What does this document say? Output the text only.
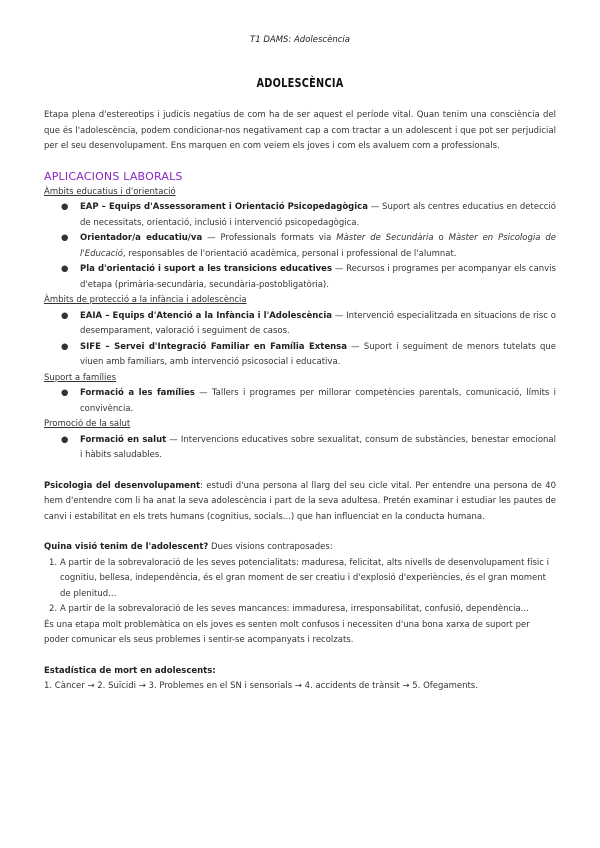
T1 DAMS: Adolescència
ADOLESCÈNCIA

Etapa plena d'estereotips i judicis negatius de com ha de ser aquest el període vital. Quan tenim una consciència del que és l'adolescència, podem condicionar-nos negativament cap a com tractar a un adolescent i que pot ser perjudicial per el seu desenvolupament. Ens marquen en com veiem els joves i com els avaluem com a professionals.

APLICACIONS LABORALS

Àmbits educatius i d'orientació

● EAP – Equips d'Assessorament i Orientació Psicopedagògica — Suport als centres educatius en detecció de necessitats, orientació, inclusió i intervenció psicopedagògica.
● Orientador/a educatiu/va — Professionals formats via Màster de Secundària o Màster en Psicologia de l'Educació, responsables de l'orientació acadèmica, personal i professional de l'alumnat.
● Pla d'orientació i suport a les transicions educatives — Recursos i programes per acompanyar els canvis d'etapa (primària-secundària, secundària-postobligatòria).

Àmbits de protecció a la infància i adolescència

● EAIA – Equips d'Atenció a la Infància i l'Adolescència — Intervenció especialitzada en situacions de risc o desemparament, valoració i seguiment de casos.
● SIFE – Servei d'Integració Familiar en Família Extensa — Suport i seguiment de menors tutelats que viuen amb familiars, amb intervenció psicosocial i educativa.

Suport a famílies

● Formació a les famílies — Tallers i programes per millorar competències parentals, comunicació, límits i convivència.

Promoció de la salut

● Formació en salut — Intervencions educatives sobre sexualitat, consum de substàncies, benestar emocional i hàbits saludables.

Psicologia del desenvolupament: estudi d'una persona al llarg del seu cicle vital. Per entendre una persona de 40 hem d'entendre com li ha anat la seva adolescència i part de la seva adultesa. Pretén examinar i estudiar les pautes de canvi i estabilitat en els trets humans (cognitius, socials...) que han influenciat en la conducta humana.

Quina visió tenim de l'adolescent? Dues visions contraposades:

1. A partir de la sobrevaloració de les seves potencialitats: maduresa, felicitat, alts nivells de desenvolupament físic i cognitiu, bellesa, independència, és el gran moment de ser creatiu i d'explosió d'experiències, és el gran moment de plenitud...
2. A partir de la sobrevaloració de les seves mancances: immaduresa, irresponsabilitat, confusió, dependència...

És una etapa molt problemàtica on els joves es senten molt confusos i necessiten d'una bona xarxa de suport per poder comunicar els seus problemes i sentir-se acompanyats i recolzats.

Estadística de mort en adolescents:

1. Càncer → 2. Suïcidi → 3. Problemes en el SN i sensorials → 4. accidents de trànsit → 5. Ofegaments.
